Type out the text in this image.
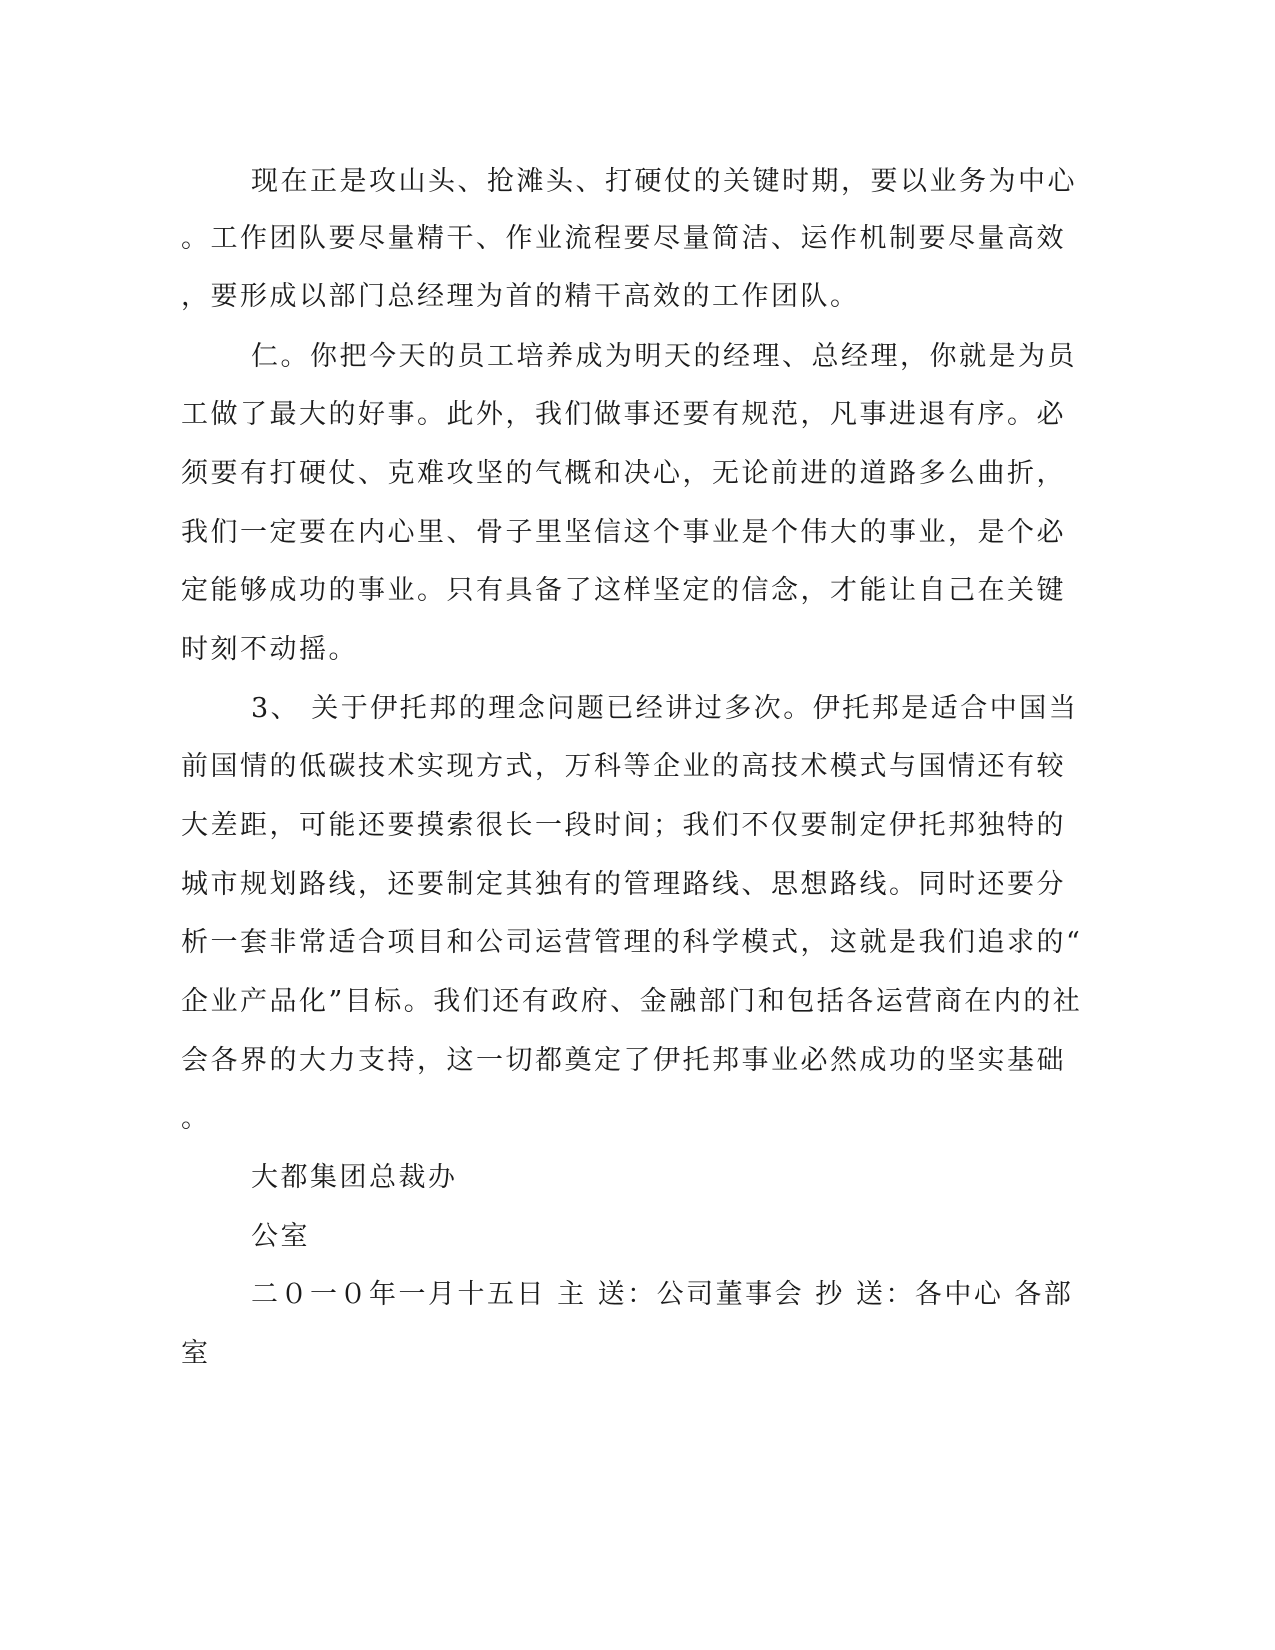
现在正是攻山头、抢滩头、打硬仗的关键时期，要以业务为中心
。工作团队要尽量精干、作业流程要尽量简洁、运作机制要尽量高效
，要形成以部门总经理为首的精干高效的工作团队。
仁。你把今天的员工培养成为明天的经理、总经理，你就是为员
工做了最大的好事。此外，我们做事还要有规范，凡事进退有序。必
须要有打硬仗、克难攻坚的气概和决心，无论前进的道路多么曲折，
我们一定要在内心里、骨子里坚信这个事业是个伟大的事业，是个必
定能够成功的事业。只有具备了这样坚定的信念，才能让自己在关键
时刻不动摇。
3、 关于伊托邦的理念问题已经讲过多次。伊托邦是适合中国当
前国情的低碳技术实现方式，万科等企业的高技术模式与国情还有较
大差距，可能还要摸索很长一段时间；我们不仅要制定伊托邦独特的
城市规划路线，还要制定其独有的管理路线、思想路线。同时还要分
析一套非常适合项目和公司运营管理的科学模式，这就是我们追求的“
企业产品化”目标。我们还有政府、金融部门和包括各运营商在内的社
会各界的大力支持，这一切都奠定了伊托邦事业必然成功的坚实基础
。
大都集团总裁办
公室
二０一０年一月十五日 主 送：公司董事会 抄 送：各中心 各部
室
